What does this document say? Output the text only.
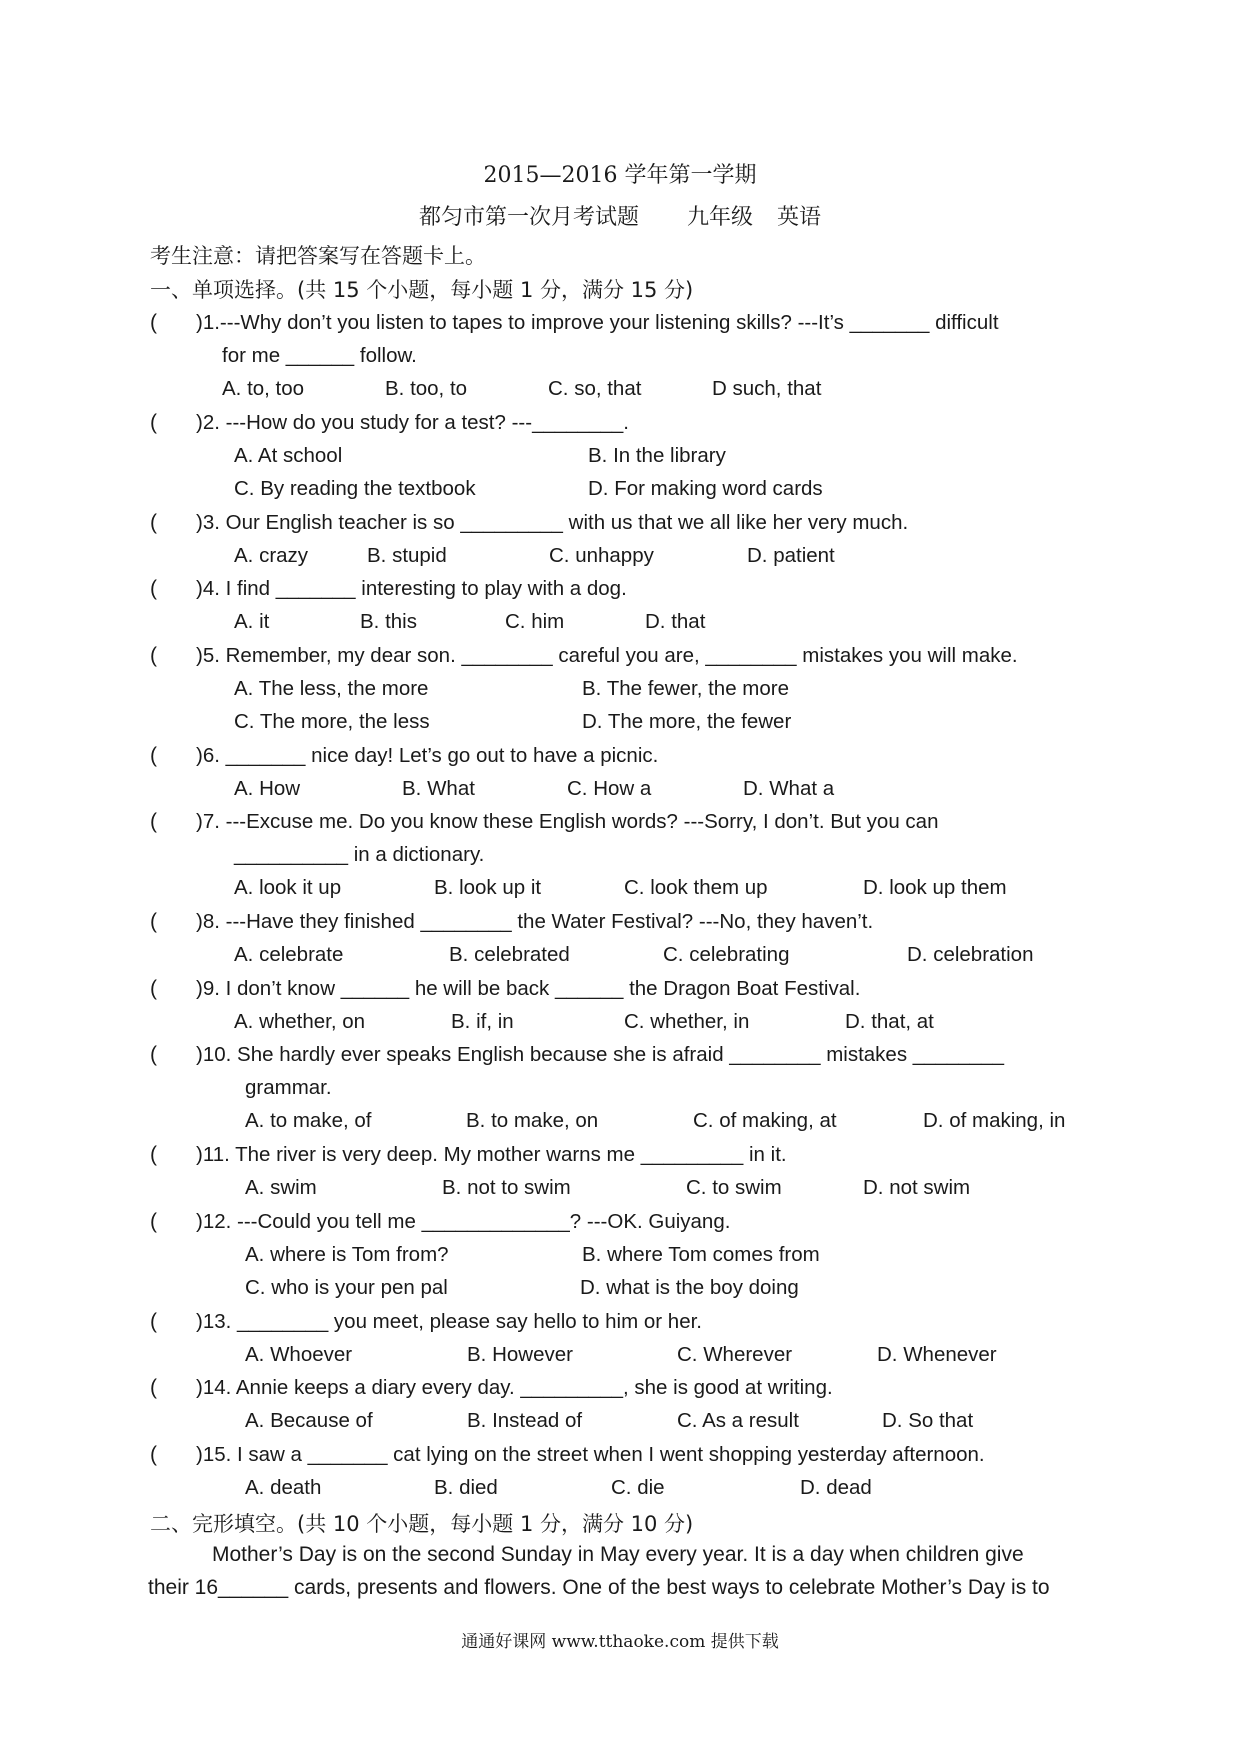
2015—2016 学年第一学期
都匀市第一次月考试题 九年级 英语
考生注意：请把答案写在答题卡上。
一、单项选择。(共 15 个小题，每小题 1 分，满分 15 分)
( )1.---Why don’t you listen to tapes to improve your listening skills? ---It’s _______ difficult
for me ______ follow.
A. to, too	B. too, to	C. so, that	D such, that
( )2. ---How do you study for a test? ---________.
A. At school	B. In the library
C. By reading the textbook	D. For making word cards
( )3. Our English teacher is so _________ with us that we all like her very much.
A. crazy	B. stupid	C. unhappy	D. patient
( )4. I find _______ interesting to play with a dog.
A. it	B. this	C. him	D. that
( )5. Remember, my dear son. ________ careful you are, ________ mistakes you will make.
A. The less, the more	B. The fewer, the more
C. The more, the less	D. The more, the fewer
( )6. _______ nice day! Let’s go out to have a picnic.
A. How	B. What	C. How a	D. What a
( )7. ---Excuse me. Do you know these English words? ---Sorry, I don’t. But you can
__________ in a dictionary.
A. look it up	B. look up it	C. look them up	D. look up them
( )8. ---Have they finished ________ the Water Festival? ---No, they haven’t.
A. celebrate	B. celebrated	C. celebrating	D. celebration
( )9. I don’t know ______ he will be back ______ the Dragon Boat Festival.
A. whether, on	B. if, in	C. whether, in	D. that, at
( )10. She hardly ever speaks English because she is afraid ________ mistakes ________
grammar.
A. to make, of	B. to make, on	C. of making, at	D. of making, in
( )11. The river is very deep. My mother warns me _________ in it.
A. swim	B. not to swim	C. to swim	D. not swim
( )12. ---Could you tell me _____________? ---OK. Guiyang.
A. where is Tom from?	B. where Tom comes from
C. who is your pen pal	D. what is the boy doing
( )13. ________ you meet, please say hello to him or her.
A. Whoever	B. However	C. Wherever	D. Whenever
( )14. Annie keeps a diary every day. _________, she is good at writing.
A. Because of	B. Instead of	C. As a result	D. So that
( )15. I saw a _______ cat lying on the street when I went shopping yesterday afternoon.
A. death	B. died	C. die	D. dead
二、完形填空。(共 10 个小题，每小题 1 分，满分 10 分)
Mother’s Day is on the second Sunday in May every year. It is a day when children give
their 16______ cards, presents and flowers. One of the best ways to celebrate Mother’s Day is to
通通好课网 www.tthaoke.com 提供下载
